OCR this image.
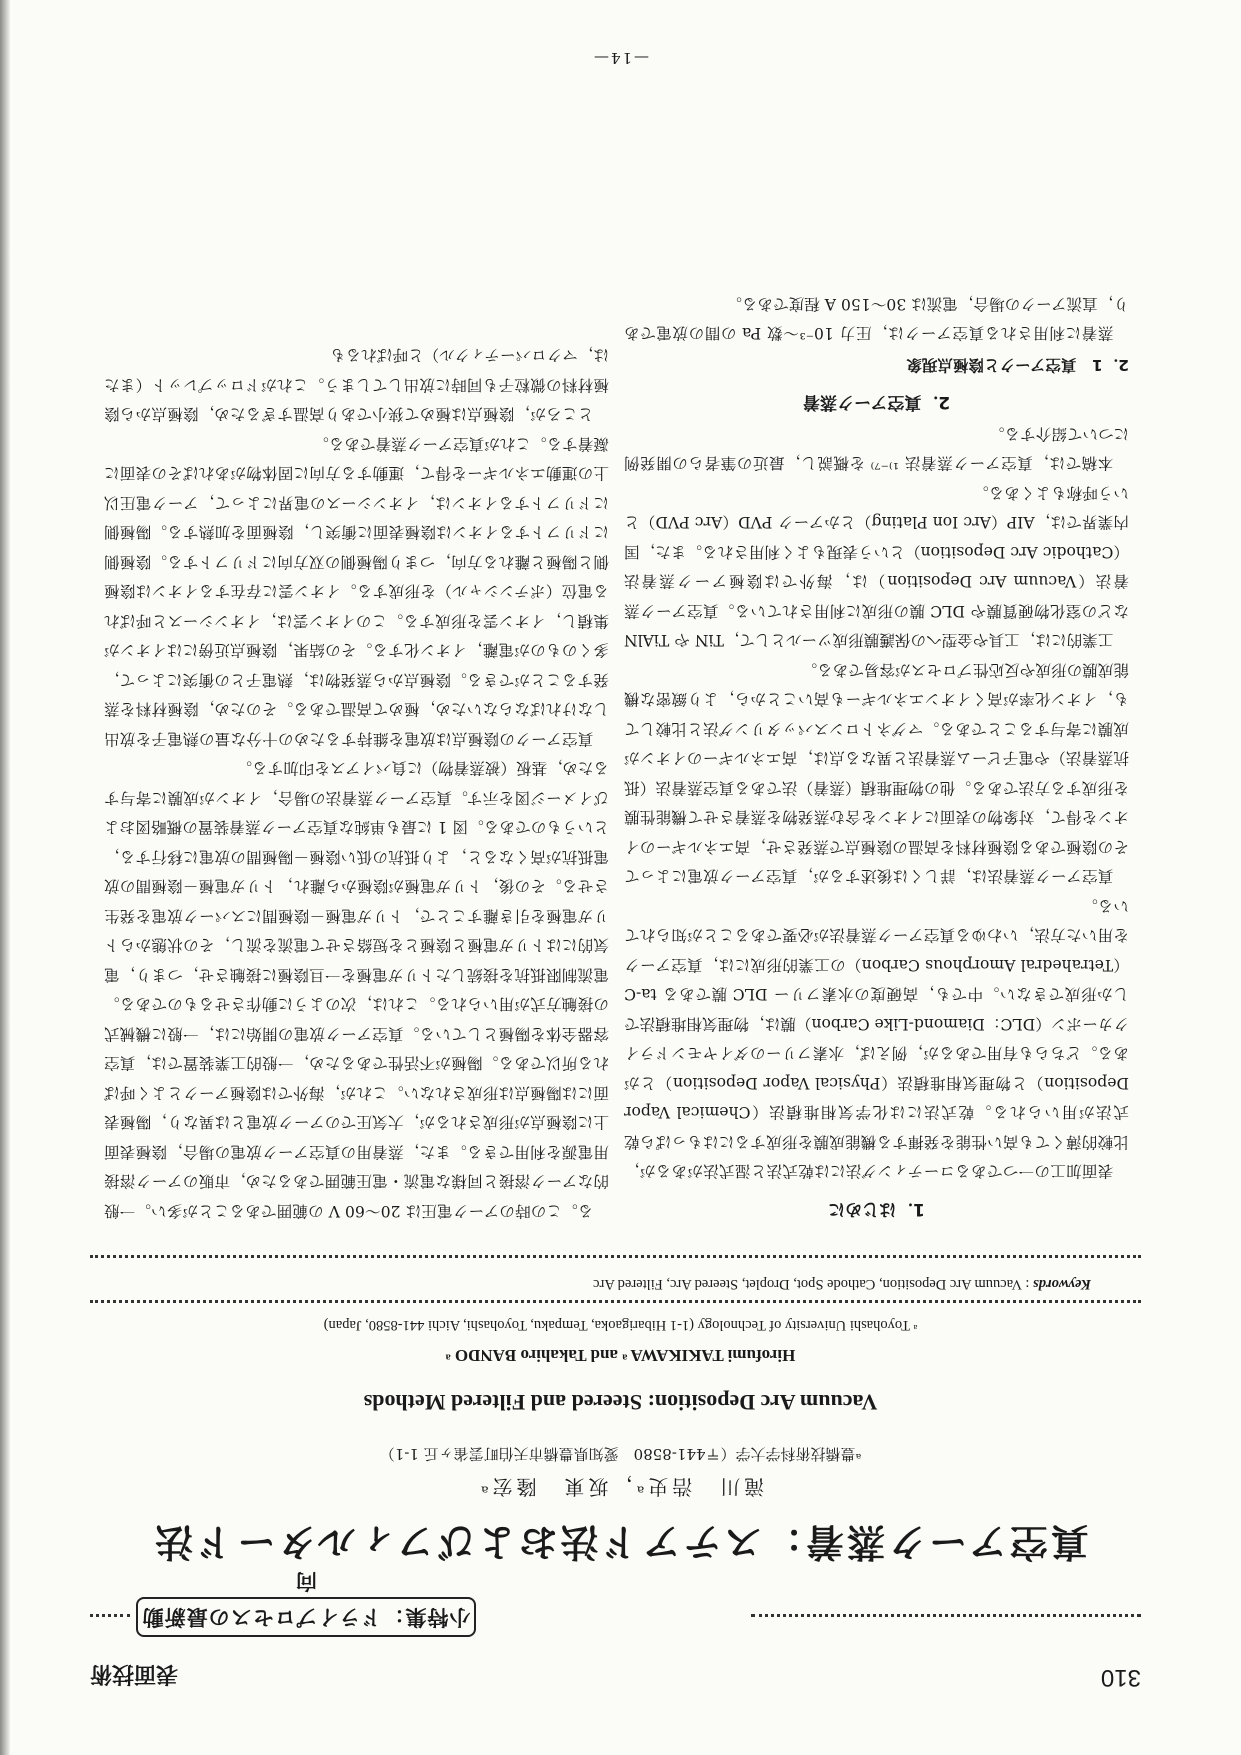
310
表面技術
小特集：ドライプロセスの最新動向
真空アーク蒸着：ステアド法およびフィルタード法
滝川　浩史ᵃ，坂東　隆宏ᵃ
ᵃ豊橋技術科学大学（〒441-8580　愛知県豊橋市天伯町雲雀ヶ丘 1-1）
Vacuum Arc Deposition: Steered and Filtered Methods
Hirofumi TAKIKAWA ᵃ and Takahiro BANDO ᵃ
ᵃ Toyohashi University of Technology (1-1 Hibarigaoka, Tempaku, Toyohashi, Aichi 441-8580, Japan)
Keywords : Vacuum Arc Deposition, Cathode Spot, Droplet, Steered Arc, Filtered Arc
1．はじめに

表面加工の一つであるコーティング法には乾式法と湿式法があるが，比較的薄くても高い性能を発揮する機能成膜を形成するにはもっぱら乾式法が用いられる。乾式法には化学気相堆積法（Chemical Vapor Deposition）と物理気相堆積法（Physical Vapor Deposition）とがある。どちらも有用であるが，例えば，水素フリーのダイヤモンドライクカーボン（DLC：Diamond-Like Carbon）膜は，物理気相堆積法でしか形成できない。中でも，高硬度の水素フリー DLC 膜である ta-C（Tetrahedral Amorphous Carbon）の工業的形成には，真空アークを用いた方法，いわゆる真空アーク蒸着法が必要であることが知られている。

真空アーク蒸着法は，詳しくは後述するが，真空アーク放電によってその陰極である陰極材料を高温の陰極点で蒸発させ，高エネルギーのイオンを得て，対象物の表面にイオンを含む蒸発物を蒸着させて機能性膜を形成する方法である。他の物理堆積（蒸着）法である真空蒸着法（抵抗蒸着法）や電子ビーム蒸着法と異なる点は，高エネルギーのイオンが成膜に寄与することである。マグネトロンスパッタリング法と比較しても，イオン化率が高くイオンエネルギーも高いことから，より緻密な機能成膜の形成や反応性プロセスが容易である。

工業的には，工具や金型への保護膜形成ツールとして，TiN や TiAlN などの窒化物硬質膜や DLC 膜の形成に利用されている。真空アーク蒸着法（Vacuum Arc Deposition）は，海外では陰極アーク蒸着法（Cathodic Arc Deposition）という表現もよく利用される。また，国内業界では，AIP（Arc Ion Plating）とかアーク PVD（Arc PVD）という呼称もよくある。

本稿では，真空アーク蒸着法 ¹⁾⁻⁷⁾ を概説し，最近の筆者らの開発例について紹介する。

2．真空アーク蒸着
2．1　真空アークと陰極点現象

蒸着に利用される真空アークは，圧力 10⁻³～数 Pa の間の放電であり，直流アークの場合，電流は 30～150 A 程度である。

る。この時のアーク電圧は 20～60 V の範囲であることが多い。一般的なアーク溶接と同様な電流・電圧範囲であるため，市販のアーク溶接用電源を利用できる。また，蒸着用の真空アーク放電の場合，陰極表面上に陰極点が形成されるが，大気圧でのアーク放電とは異なり，陽極表面には陽極点は形成されない。これが，海外では陰極アークとよく呼ばれる所以である。陽極が不活性であるため，一般的工業装置では，真空容器全体を陽極としている。真空アーク放電の開始には，一般に機械式の接触方式が用いられる。これは，次のように動作させるものである。電流制限抵抗を接続したトリガ電極を一旦陰極に接触させ，つまり，電気的にはトリガ電極と陰極とを短絡させて電流を流し，その状態からトリガ電極を引き離すことで，トリガ電極－陰極間にスパーク放電を発生させる。その後，トリガ電極が陰極から離れ，トリガ電極－陰極間の放電抵抗が高くなると，より抵抗の低い陰極－陽極間の放電に移行する，というものである。図 1 に最も単純な真空アーク蒸着装置の概略図およびイメージ図を示す。真空アーク蒸着法の場合，イオンが成膜に寄与するため，基板（被蒸着物）に負バイアスを印加する。

真空アークの陰極点は放電を維持するための十分な量の熱電子を放出しなければならないため，極めて高温である。そのため，陰極材料を蒸発することができる。陰極点から蒸発物は，熱電子との衝突によって，多くのものが電離，イオン化する。その結果，陰極点近傍にはイオンが集積し，イオン雲を形成する。このイオン雲は，イオンシースと呼ばれる電位（ポテンシャル）を形成する。イオン雲に存在するイオンは陰極側と陽極と離れる方向，つまり陽極側の双方向にドリフトする。陰極側にドリフトするイオンは陰極表面に衝突し，陰極面を加熱する。陽極側にドリフトするイオンは，イオンシースの電界によって，アーク電圧以上の運動エネルギーを得て，運動する方向に固体物があればその表面に凝着する。これが真空アーク蒸着である。

ところが，陰極点は極めて狭小であり高温すぎるため，陰極点から陰極材料の微粒子も同時に放出してしまう。これがドロップレット（または，マクロパーティクル）と呼ばれるも

—14—
